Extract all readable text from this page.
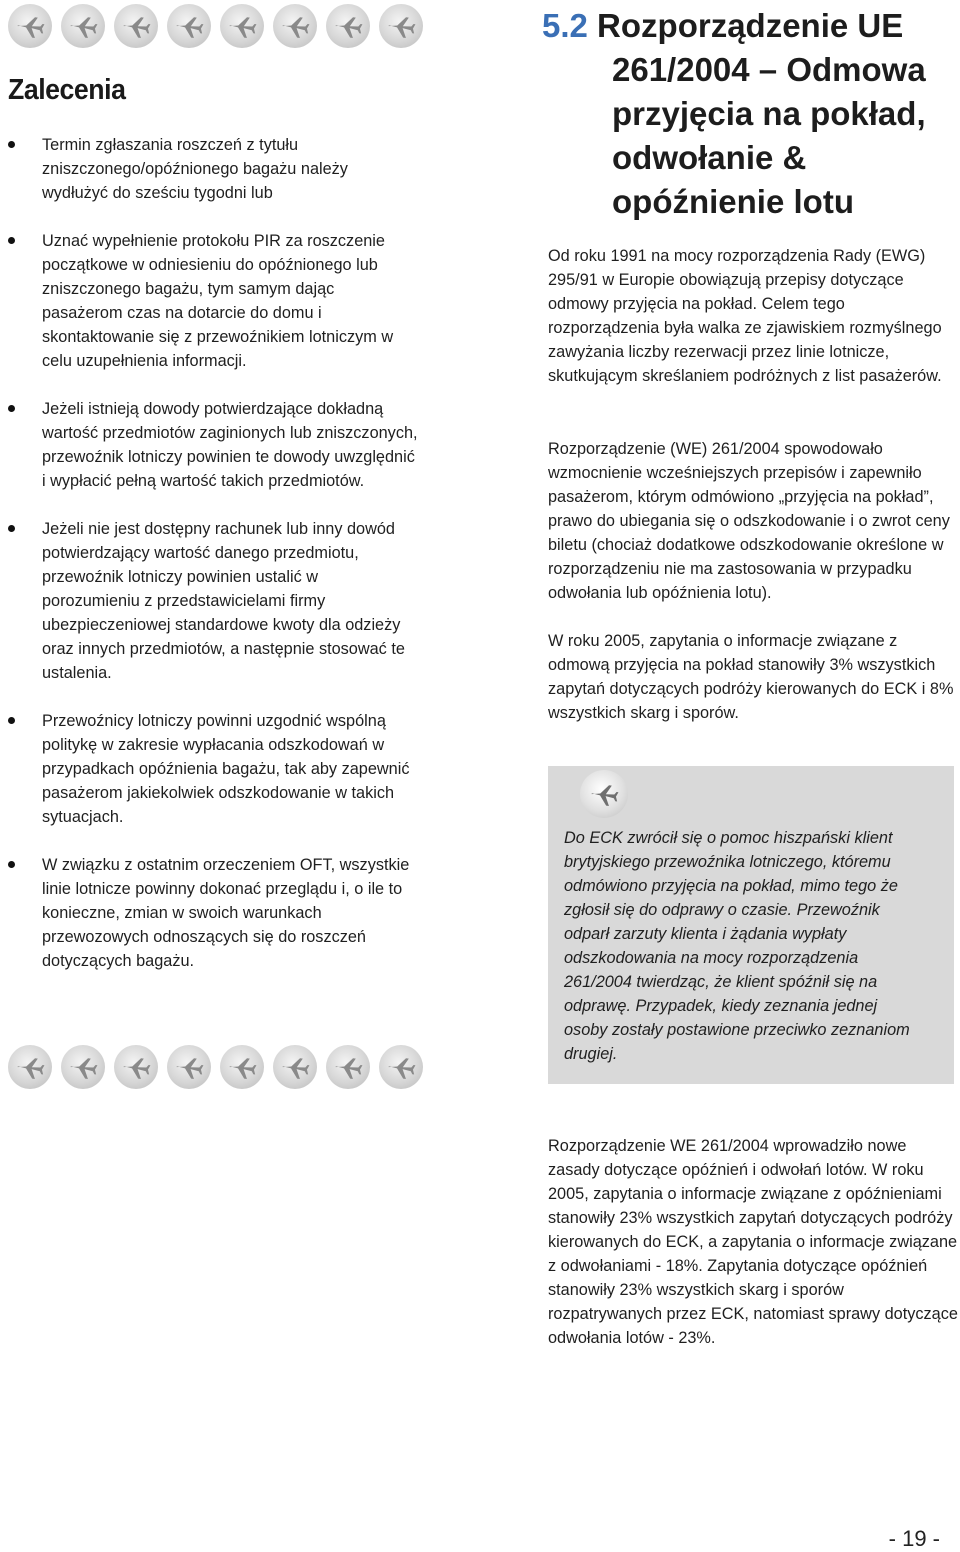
Zalecenia
Termin zgłaszania roszczeń z tytułu zniszczonego/opóźnionego bagażu należy wydłużyć do sześciu tygodni lub
Uznać wypełnienie protokołu PIR za roszczenie początkowe w odniesieniu do opóźnionego lub zniszczonego bagażu, tym samym dając pasażerom czas na dotarcie do domu i skontaktowanie się z przewoźnikiem lotniczym w celu uzupełnienia informacji.
Jeżeli istnieją dowody potwierdzające dokładną wartość przedmiotów zaginionych lub zniszczonych, przewoźnik lotniczy powinien te dowody uwzględnić i wypłacić pełną wartość takich przedmiotów.
Jeżeli nie jest dostępny rachunek lub inny dowód potwierdzający wartość danego przedmiotu, przewoźnik lotniczy powinien ustalić w porozumieniu z przedstawicielami firmy ubezpieczeniowej standardowe kwoty dla odzieży oraz innych przedmiotów, a następnie stosować te ustalenia.
Przewoźnicy lotniczy powinni uzgodnić wspólną politykę w zakresie wypłacania odszkodowań w przypadkach opóźnienia bagażu, tak aby zapewnić pasażerom jakiekolwiek odszkodowanie w takich sytuacjach.
W związku z ostatnim orzeczeniem OFT, wszystkie linie lotnicze powinny dokonać przeglądu i, o ile to konieczne, zmian w swoich warunkach przewozowych odnoszących się do roszczeń dotyczących bagażu.
5.2 Rozporządzenie UE
261/2004 – Odmowa przyjęcia na pokład, odwołanie & opóźnienie lotu

Od roku 1991 na mocy rozporządzenia Rady (EWG) 295/91 w Europie obowiązują przepisy dotyczące odmowy przyjęcia na pokład. Celem tego rozporządzenia była walka ze zjawiskiem rozmyślnego zawyżania liczby rezerwacji przez linie lotnicze, skutkującym skreślaniem podróżnych z list pasażerów.

Rozporządzenie (WE) 261/2004 spowodowało wzmocnienie wcześniejszych przepisów i zapewniło pasażerom, którym odmówiono „przyjęcia na pokład”, prawo do ubiegania się o odszkodowanie i o zwrot ceny biletu (chociaż dodatkowe odszkodowanie określone w rozporządzeniu nie ma zastosowania w przypadku odwołania lub opóźnienia lotu).

W roku 2005, zapytania o informacje związane z odmową przyjęcia na pokład stanowiły 3% wszystkich zapytań dotyczących podróży kierowanych do ECK i 8% wszystkich skarg i sporów.

Do ECK zwrócił się o pomoc hiszpański klient brytyjskiego przewoźnika lotniczego, któremu odmówiono przyjęcia na pokład, mimo tego że zgłosił się do odprawy o czasie. Przewoźnik odparł zarzuty klienta i żądania wypłaty odszkodowania na mocy rozporządzenia 261/2004 twierdząc, że klient spóźnił się na odprawę. Przypadek, kiedy zeznania jednej osoby zostały postawione przeciwko zeznaniom drugiej.

Rozporządzenie WE 261/2004 wprowadziło nowe zasady dotyczące opóźnień i odwołań lotów. W roku 2005, zapytania o informacje związane z opóźnieniami stanowiły 23% wszystkich zapytań dotyczących podróży kierowanych do ECK, a zapytania o informacje związane z odwołaniami - 18%. Zapytania dotyczące opóźnień stanowiły 23% wszystkich skarg i sporów rozpatrywanych przez ECK, natomiast sprawy dotyczące odwołania lotów - 23%.

- 19 -
